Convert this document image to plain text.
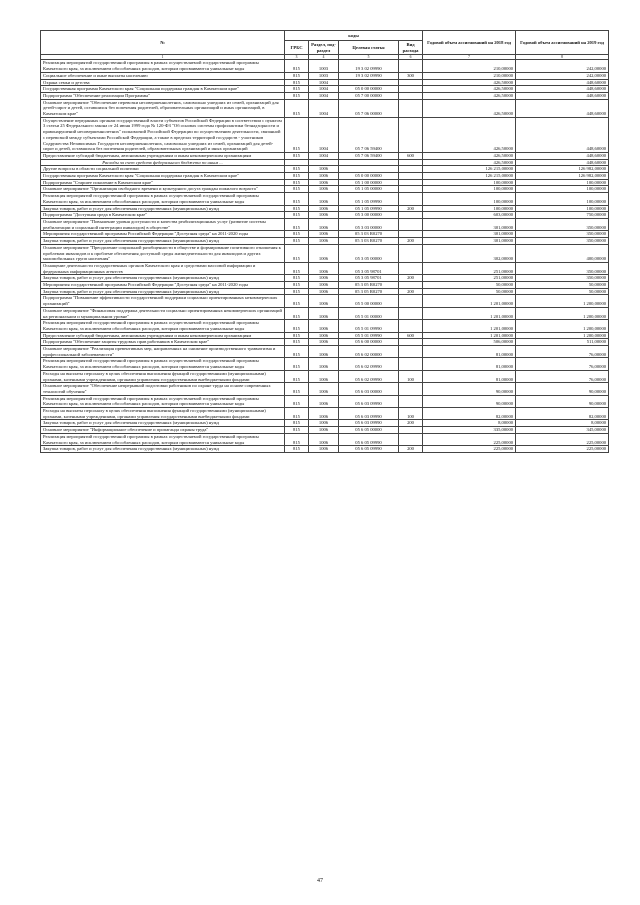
№	коды				Годовой объем ассигнований на 2018 год	Годовой объем ассигнований на 2019 год
	ГРБС	Раздел, под-раздел	Целевая статья	Вид расхода		
1	3	4	5	6	7	8
Реализация мероприятий государственной программы в рамках осуществляемой государственной программы Камчатского края, за исключением обособленных расходов, которым присваиваются уникальные коды	815	1003	19 3 02 09990		210,00000	242,00000
Социальное обеспечение и иные выплаты населению	815	1003	19 3 02 09990	300	210,00000	242,00000
Охрана семьи и детства	815	1004			426,50000	448,60000
Государственная программа Камчатского края "Социальная поддержка граждан в Камчатском крае"	815	1004	05 0 00 00000		426,50000	448,60000
Подпрограмма "Обеспечение реализации Программы"	815	1004	05 7 00 00000		426,50000	448,60000
Основное мероприятие "Обеспечение перевозки несовершеннолетних, самовольно ушедших из семей, организаций для детей-сирот и детей, оставшихся без попечения родителей, образовательных организаций и иных организаций, в Камчатском крае"	815	1004	05 7 06 00000		426,50000	448,60000
Осуществление переданных органам государственной власти субъектов Российской Федерации в соответствии с пунктом 3 статьи 25 Федерального закона от 24 июня 1999 года № 120-ФЗ "Об основах системы профилактики безнадзорности и правонарушений несовершеннолетних" полномочий Российской Федерации по осуществлению деятельности, связанной с перевозкой между субъектами Российской Федерации, а также в пределах территорий государств - участников Содружества Независимых Государств несовершеннолетних, самовольно ушедших из семей, организаций для детей-сирот и детей, оставшихся без попечения родителей, образовательных организаций и иных организаций	815	1004	05 7 06 59400		426,50000	448,60000
Предоставление субсидий бюджетным, автономным учреждениям и иным некоммерческим организациям	815	1004	05 7 06 59400	600	426,50000	448,60000
Расходы за счет средств федерального бюджета по иным ...					426,50000	448,60000
Другие вопросы в области социальной политики	815	1006			126 215,00000	126 982,00000
Государственная программа Камчатского края "Социальная поддержка граждан в Камчатском крае"	815	1006	05 0 00 00000		126 215,00000	126 982,00000
Подпрограмма "Старшее поколение в Камчатском крае"	815	1006	05 1 00 00000		100,00000	100,00000
Основное мероприятие "Организация свободного времени и культурного досуга граждан пожилого возраста"	815	1006	05 1 05 00000		100,00000	100,00000
Реализация мероприятий государственной программы в рамках осуществляемой государственной программы Камчатского края, за исключением обособленных расходов, которым присваиваются уникальные коды	815	1006	05 1 05 09990		100,00000	100,00000
Закупка товаров, работ и услуг для обеспечения государственных (муниципальных) нужд	815	1006	05 1 05 09990	200	100,00000	100,00000
Подпрограмма "Доступная среда в Камчатском крае"	815	1006	05 3 00 00000		603,00000	750,00000
Основное мероприятие "Повышение уровня доступности и качества реабилитационных услуг (развитие системы реабилитации и социальной интеграции инвалидов) в обществе"	815	1006	05 3 03 00000		301,00000	350,00000
Мероприятия государственной программы Российской Федерации "Доступная среда" на 2011-2020 годы	815	1006	05 3 03 R0270		301,00000	350,00000
Закупка товаров, работ и услуг для обеспечения государственных (муниципальных) нужд	815	1006	05 3 03 R0270	200	301,00000	350,00000
Основное мероприятие "Преодоление социальной разобщенности в обществе и формирование позитивного отношения к проблемам инвалидов и к проблеме обеспечения доступной среды жизнедеятельности для инвалидов и других маломобильных групп населения"	815	1006	05 3 05 00000		302,00000	400,00000
Оснащение деятельности государственных органов Камчатского края и средствами массовой информации и федеральных информационных агентств	815	1006	05 3 05 98701		251,00000	350,00000
Закупка товаров, работ и услуг для обеспечения государственных (муниципальных) нужд	815	1006	05 3 05 98701	200	251,00000	350,00000
Мероприятия государственной программы Российской Федерации "Доступная среда" на 2011-2020 годы	815	1006	05 3 05 R0270		50,00000	50,00000
Закупка товаров, работ и услуг для обеспечения государственных (муниципальных) нужд	815	1006	05 3 05 R0270	200	50,00000	50,00000
Подпрограмма "Повышение эффективности государственной поддержки социально ориентированных некоммерческих организаций"	815	1006	05 5 00 00000		1 201,00000	1 200,00000
Основное мероприятие "Финансовая поддержка деятельности социально ориентированных некоммерческих организаций на региональном и муниципальном уровне"	815	1006	05 5 01 00000		1 201,00000	1 200,00000
Реализация мероприятий государственной программы в рамках осуществляемой государственной программы Камчатского края, за исключением обособленных расходов, которым присваиваются уникальные коды	815	1006	05 5 01 09990		1 201,00000	1 200,00000
Предоставление субсидий бюджетным, автономным учреждениям и иным некоммерческим организациям	815	1006	05 5 01 09990	600	1 201,00000	1 200,00000
Подпрограмма "Обеспечение защиты трудовых прав работников в Камчатском крае"	815	1006	05 6 00 00000		506,00000	511,00000
Основное мероприятие "Реализация превентивных мер, направленных на снижение производственного травматизма и профессиональной заболеваемости"	815	1006	05 6 02 00000		81,00000	76,00000
Реализация мероприятий государственной программы в рамках осуществляемой государственной программы Камчатского края, за исключением обособленных расходов, которым присваиваются уникальные коды	815	1006	05 6 02 09990		81,00000	76,00000
Расходы на выплаты персоналу в целях обеспечения выполнения функций государственными (муниципальными) органами, казенными учреждениями, органами управления государственными внебюджетными фондами	815	1006	05 6 02 09990	100	81,00000	76,00000
Основное мероприятие "Обеспечение непрерывной подготовки работников по охране труда на основе современных технологий обучения"	815	1006	05 6 03 00000		90,00000	90,00000
Реализация мероприятий государственной программы в рамках осуществляемой государственной программы Камчатского края, за исключением обособленных расходов, которым присваиваются уникальные коды	815	1006	05 6 03 09990		90,00000	90,00000
Расходы на выплаты персоналу в целях обеспечения выполнения функций государственными (муниципальными) органами, казенными учреждениями, органами управления государственными внебюджетными фондами	815	1006	05 6 03 09990	100	82,00000	82,00000
Закупка товаров, работ и услуг для обеспечения государственных (муниципальных) нужд	815	1006	05 6 03 09990	200	8,00000	8,00000
Основное мероприятие "Информационное обеспечение и пропаганда охраны труда"	815	1006	05 6 05 00000		335,00000	345,00000
Реализация мероприятий государственной программы в рамках осуществляемой государственной программы Камчатского края, за исключением обособленных расходов, которым присваиваются уникальные коды	815	1006	05 6 05 09990		225,00000	225,00000
Закупка товаров, работ и услуг для обеспечения государственных (муниципальных) нужд	815	1006	05 6 05 09990	200	225,00000	225,00000
47
